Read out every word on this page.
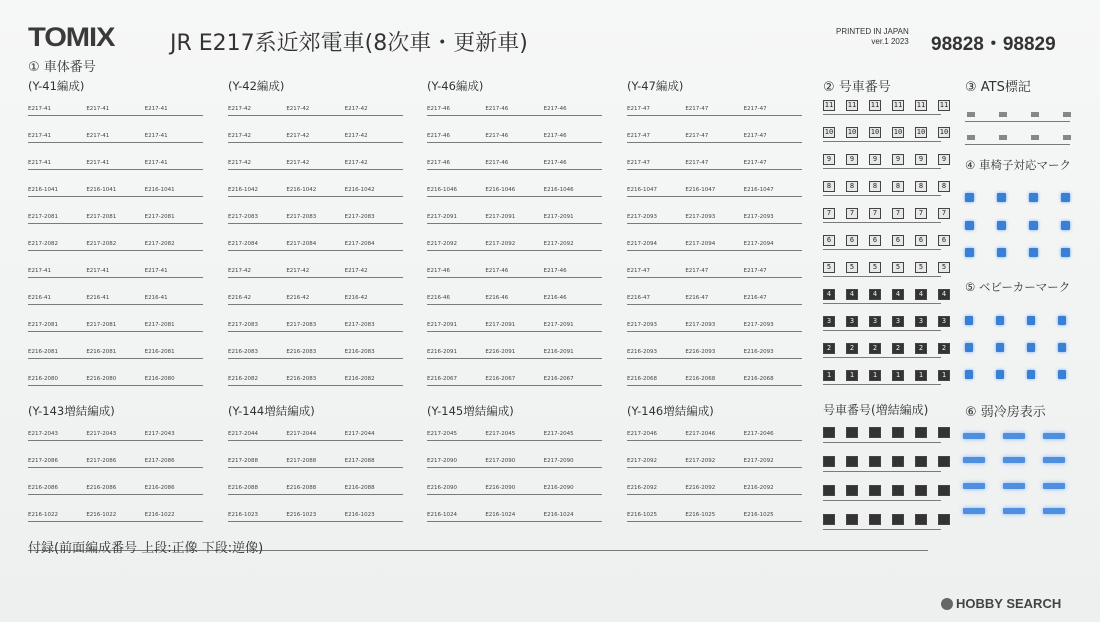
TOMIX	JR E217系近郊電車(8次車・更新車)	PRINTED IN JAPAN
ver.1 2023 98828・98829
① 車体番号
② 号車番号	③ ATS標記
④ 車椅子対応マーク
⑤ ベビーカーマーク
⑥ 弱冷房表示
号車番号(増結編成)
(Y-41編成)	(Y-42編成)	(Y-46編成)	(Y-47編成)
(Y-143増結編成)	(Y-144増結編成)	(Y-145増結編成)	(Y-146増結編成)
E217-41	E217-41	E217-41
E217-41	E217-41	E217-41
E217-41	E217-41	E217-41
E216-1041	E216-1041	E216-1041
E217-2081	E217-2081	E217-2081
E217-2082	E217-2082	E217-2082
E217-41	E217-41	E217-41
E216-41	E216-41	E216-41
E217-2081	E217-2081	E217-2081
E216-2081	E216-2081	E216-2081
E216-2080	E216-2080	E216-2080
E217-42	E217-42	E217-42
E217-42	E217-42	E217-42
E217-42	E217-42	E217-42
E216-1042	E216-1042	E216-1042
E217-2083	E217-2083	E217-2083
E217-2084	E217-2084	E217-2084
E217-42	E217-42	E217-42
E216-42	E216-42	E216-42
E217-2083	E217-2083	E217-2083
E216-2083	E216-2083	E216-2083
E216-2082	E216-2083	E216-2082
E217-46	E217-46	E217-46
E217-46	E217-46	E217-46
E217-46	E217-46	E217-46
E216-1046	E216-1046	E216-1046
E217-2091	E217-2091	E217-2091
E217-2092	E217-2092	E217-2092
E217-46	E217-46	E217-46
E216-46	E216-46	E216-46
E217-2091	E217-2091	E217-2091
E216-2091	E216-2091	E216-2091
E216-2067	E216-2067	E216-2067
E217-47	E217-47	E217-47
E217-47	E217-47	E217-47
E217-47	E217-47	E217-47
E216-1047	E216-1047	E216-1047
E217-2093	E217-2093	E217-2093
E217-2094	E217-2094	E217-2094
E217-47	E217-47	E217-47
E216-47	E216-47	E216-47
E217-2093	E217-2093	E217-2093
E216-2093	E216-2093	E216-2093
E216-2068	E216-2068	E216-2068
E217-2043	E217-2043	E217-2043
E217-2086	E217-2086	E217-2086
E216-2086	E216-2086	E216-2086
E216-1022	E216-1022	E216-1022
E217-2044	E217-2044	E217-2044
E217-2088	E217-2088	E217-2088
E216-2088	E216-2088	E216-2088
E216-1023	E216-1023	E216-1023
E217-2045	E217-2045	E217-2045
E217-2090	E217-2090	E217-2090
E216-2090	E216-2090	E216-2090
E216-1024	E216-1024	E216-1024
E217-2046	E217-2046	E217-2046
E217-2092	E217-2092	E217-2092
E216-2092	E216-2092	E216-2092
E216-1025	E216-1025	E216-1025
11 11 11 11 11 11
10 10 10 10 10 10
9	9	9	9	9	9
8	8	8	8	8	8
7	7	7	7	7	7
6	6	6	6	6	6
5	5	5	5	5	5
4	4	4	4	4	4
3	3	3	3	3	3
2	2	2	2	2	2
1	1	1	1	1	1
付録(前面編成番号 上段:正像 下段:逆像)
HOBBY SEARCH
